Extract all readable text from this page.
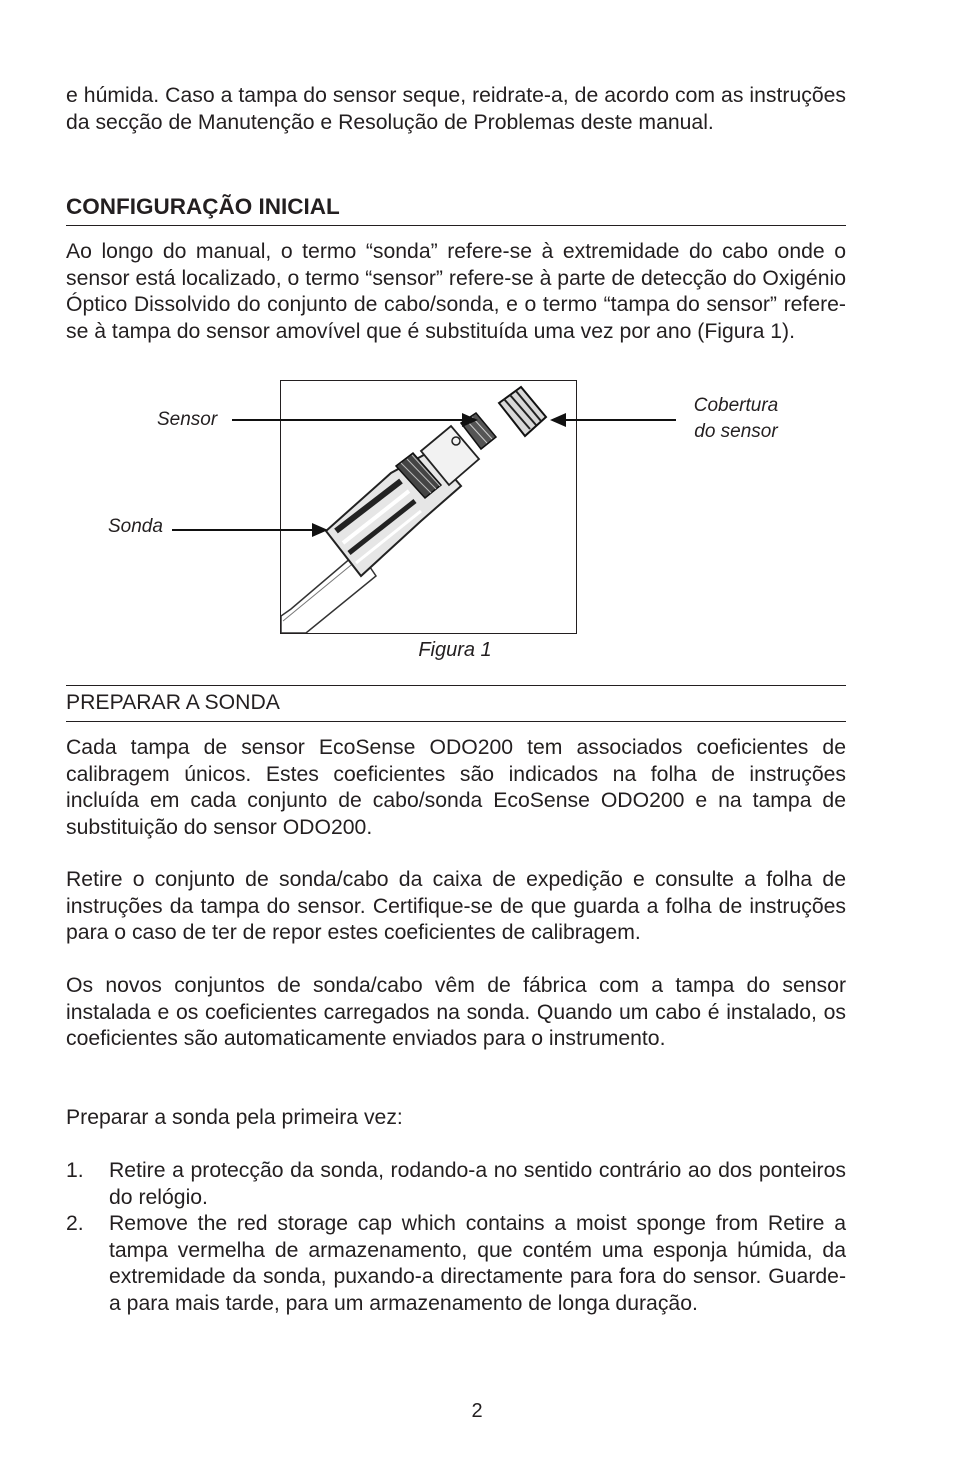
e húmida. Caso a tampa do sensor seque, reidrate-a, de acordo com as instruções da secção de Manutenção e Resolução de Problemas deste manual.

CONFIGURAÇÃO INICIAL

Ao longo do manual, o termo “sonda” refere-se à extremidade do cabo onde o sensor está localizado, o termo “sensor” refere-se à parte de detecção do Oxigénio Óptico Dissolvido do conjunto de cabo/sonda, e o termo “tampa do sensor” refere-se à tampa do sensor amovível que é substituída uma vez por ano (Figura 1).

Sensor
Cobertura
do sensor
Sonda
Figura 1
PREPARAR A SONDA

Cada tampa de sensor EcoSense ODO200 tem associados coeficientes de calibragem únicos. Estes coeficientes são indicados na folha de instruções incluída em cada conjunto de cabo/sonda EcoSense ODO200 e na tampa de substituição do sensor ODO200.

Retire o conjunto de sonda/cabo da caixa de expedição e consulte a folha de instruções da tampa do sensor. Certifique-se de que guarda a folha de instruções para o caso de ter de repor estes coeficientes de calibragem.

Os novos conjuntos de sonda/cabo vêm de fábrica com a tampa do sensor instalada e os coeficientes carregados na sonda. Quando um cabo é instalado, os coeficientes são automaticamente enviados para o instrumento.

Preparar a sonda pela primeira vez:

1. Retire a protecção da sonda, rodando-a no sentido contrário ao dos ponteiros do relógio.

2. Remove the red storage cap which contains a moist sponge from Retire a tampa vermelha de armazenamento, que contém uma esponja húmida, da extremidade da sonda, puxando-a directamente para fora do sensor. Guarde-a para mais tarde, para um armazenamento de longa duração.

2
